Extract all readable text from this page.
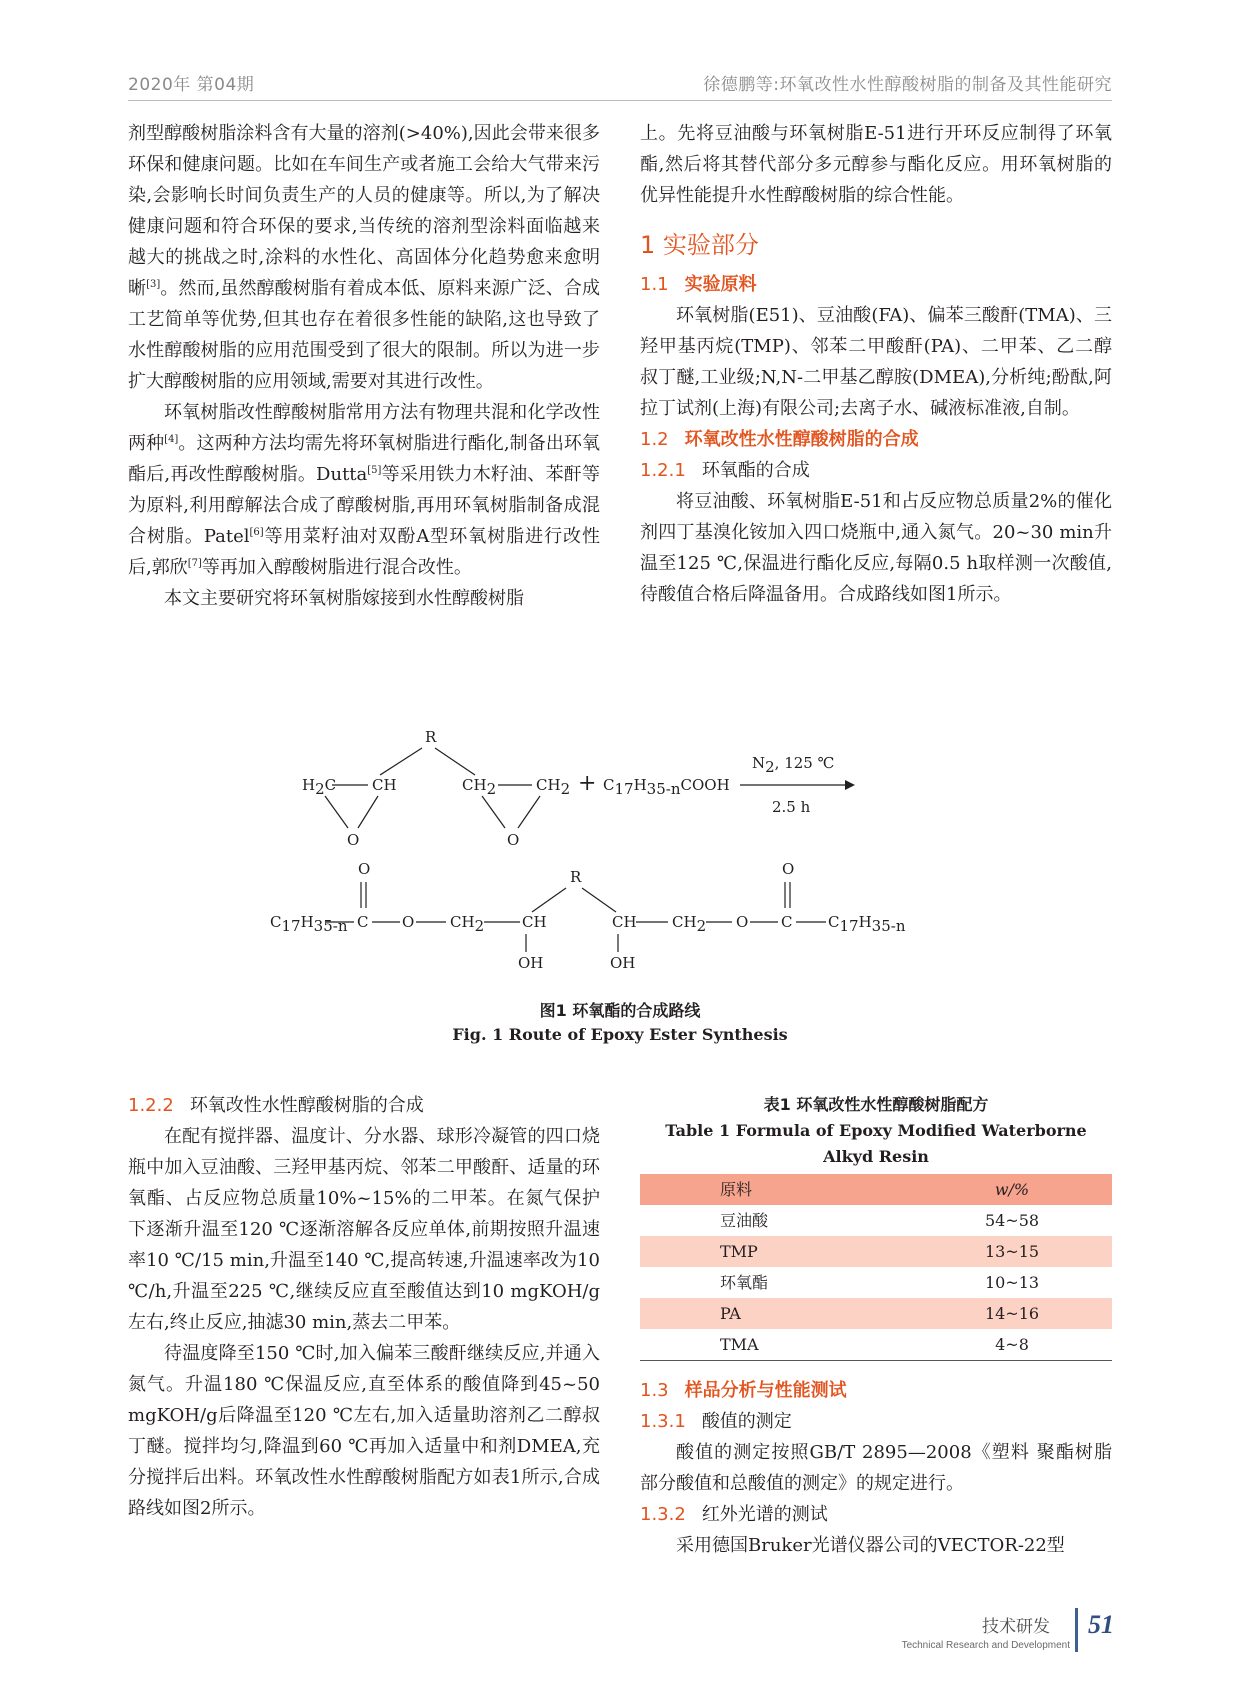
2020年 第04期	徐德鹏等:环氧改性水性醇酸树脂的制备及其性能研究

剂型醇酸树脂涂料含有大量的溶剂(>40%),因此会带来很多环保和健康问题。比如在车间生产或者施工会给大气带来污染,会影响长时间负责生产的人员的健康等。所以,为了解决健康问题和符合环保的要求,当传统的溶剂型涂料面临越来越大的挑战之时,涂料的水性化、高固体分化趋势愈来愈明晰[3]。然而,虽然醇酸树脂有着成本低、原料来源广泛、合成工艺简单等优势,但其也存在着很多性能的缺陷,这也导致了水性醇酸树脂的应用范围受到了很大的限制。所以为进一步扩大醇酸树脂的应用领域,需要对其进行改性。

环氧树脂改性醇酸树脂常用方法有物理共混和化学改性两种[4]。这两种方法均需先将环氧树脂进行酯化,制备出环氧酯后,再改性醇酸树脂。Dutta[5]等采用铁力木籽油、苯酐等为原料,利用醇解法合成了醇酸树脂,再用环氧树脂制备成混合树脂。Patel[6]等用菜籽油对双酚A型环氧树脂进行改性后,郭欣[7]等再加入醇酸树脂进行混合改性。

本文主要研究将环氧树脂嫁接到水性醇酸树脂

上。先将豆油酸与环氧树脂E-51进行开环反应制得了环氧酯,然后将其替代部分多元醇参与酯化反应。用环氧树脂的优异性能提升水性醇酸树脂的综合性能。

1 实验部分
1.1 实验原料

环氧树脂(E51)、豆油酸(FA)、偏苯三酸酐(TMA)、三羟甲基丙烷(TMP)、邻苯二甲酸酐(PA)、二甲苯、乙二醇叔丁醚,工业级;N,N-二甲基乙醇胺(DMEA),分析纯;酚酞,阿拉丁试剂(上海)有限公司;去离子水、碱液标准液,自制。

1.2 环氧改性水性醇酸树脂的合成
1.2.1 环氧酯的合成

将豆油酸、环氧树脂E-51和占反应物总质量2%的催化剂四丁基溴化铵加入四口烧瓶中,通入氮气。20~30 min升温至125 ℃,保温进行酯化反应,每隔0.5 h取样测一次酸值,待酸值合格后降温备用。合成路线如图1所示。

R
H2C CH
O
CH2	CH2
O
+ C17H35-nCOOH
N2, 125 ℃
2.5 h
O
C17H35-n C O CH2	CH
OH
R
CH
OH
CH2 O
O
C C17H35-n
图1 环氧酯的合成路线
Fig. 1 Route of Epoxy Ester Synthesis
1.2.2 环氧改性水性醇酸树脂的合成

在配有搅拌器、温度计、分水器、球形冷凝管的四口烧瓶中加入豆油酸、三羟甲基丙烷、邻苯二甲酸酐、适量的环氧酯、占反应物总质量10%~15%的二甲苯。在氮气保护下逐渐升温至120 ℃逐渐溶解各反应单体,前期按照升温速率10 ℃/15 min,升温至140 ℃,提高转速,升温速率改为10 ℃/h,升温至225 ℃,继续反应直至酸值达到10 mgKOH/g左右,终止反应,抽滤30 min,蒸去二甲苯。

待温度降至150 ℃时,加入偏苯三酸酐继续反应,并通入氮气。升温180 ℃保温反应,直至体系的酸值降到45~50 mgKOH/g后降温至120 ℃左右,加入适量助溶剂乙二醇叔丁醚。搅拌均匀,降温到60 ℃再加入适量中和剂DMEA,充分搅拌后出料。环氧改性水性醇酸树脂配方如表1所示,合成路线如图2所示。

表1 环氧改性水性醇酸树脂配方
Table 1 Formula of Epoxy Modified Waterborne Alkyd Resin
原料	w/%
豆油酸	54~58
TMP	13~15
环氧酯	10~13
PA	14~16
TMA	4~8
1.3 样品分析与性能测试
1.3.1 酸值的测定

酸值的测定按照GB/T 2895—2008《塑料 聚酯树脂 部分酸值和总酸值的测定》的规定进行。

1.3.2 红外光谱的测试

采用德国Bruker光谱仪器公司的VECTOR-22型

技术研发
Technical Research and Development
51
